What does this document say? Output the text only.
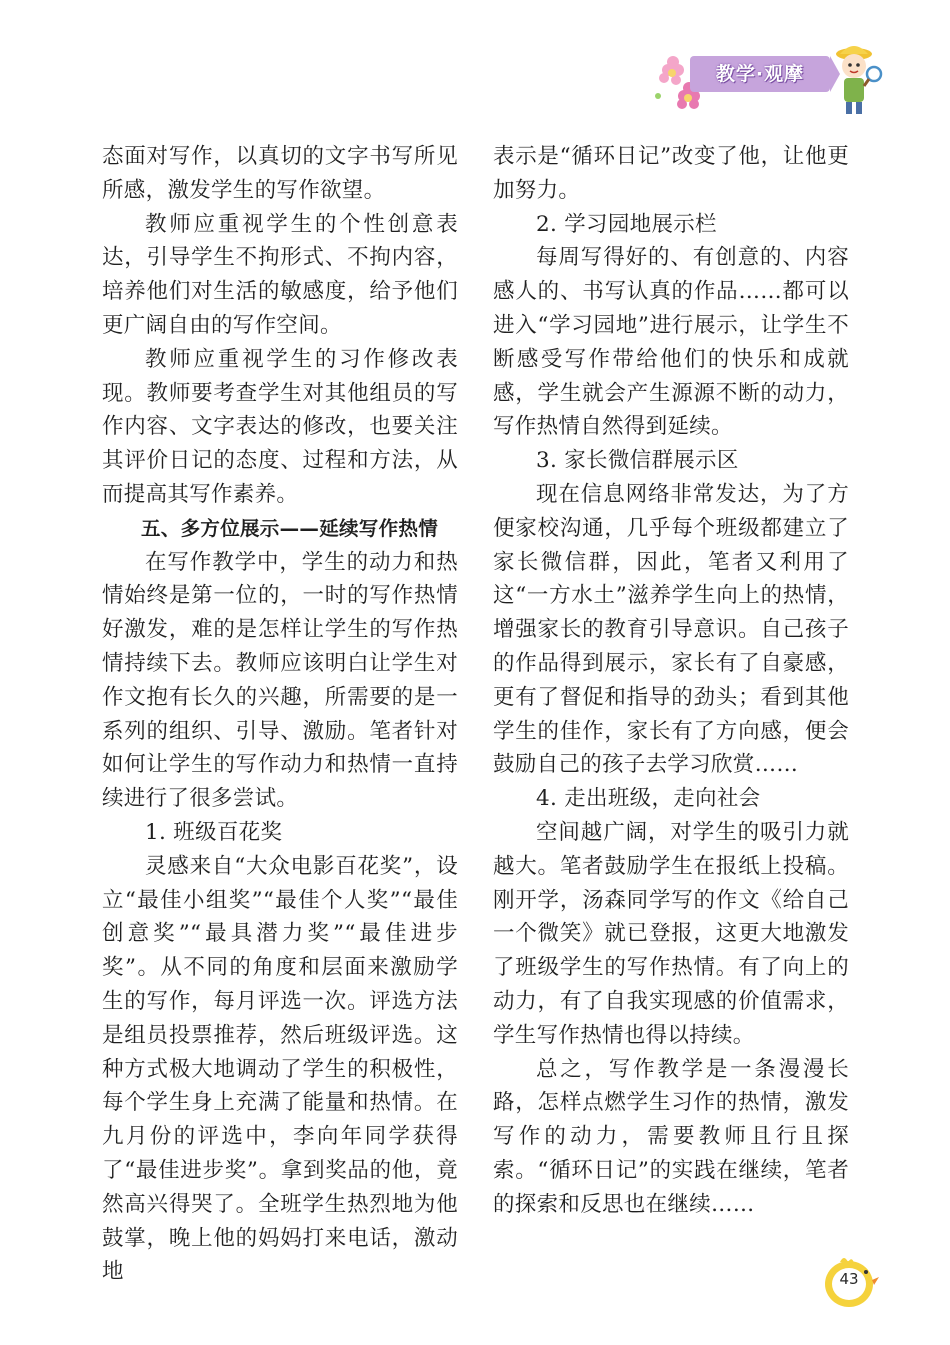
教学·观摩

态面对写作，以真切的文字书写所见所感，激发学生的写作欲望。

教师应重视学生的个性创意表达，引导学生不拘形式、不拘内容，培养他们对生活的敏感度，给予他们更广阔自由的写作空间。

教师应重视学生的习作修改表现。教师要考查学生对其他组员的写作内容、文字表达的修改，也要关注其评价日记的态度、过程和方法，从而提高其写作素养。

五、多方位展示——延续写作热情

在写作教学中，学生的动力和热情始终是第一位的，一时的写作热情好激发，难的是怎样让学生的写作热情持续下去。教师应该明白让学生对作文抱有长久的兴趣，所需要的是一系列的组织、引导、激励。笔者针对如何让学生的写作动力和热情一直持续进行了很多尝试。

1. 班级百花奖

灵感来自“大众电影百花奖”，设立“最佳小组奖”“最佳个人奖”“最佳创意奖”“最具潜力奖”“最佳进步奖”。从不同的角度和层面来激励学生的写作，每月评选一次。评选方法是组员投票推荐，然后班级评选。这种方式极大地调动了学生的积极性，每个学生身上充满了能量和热情。在九月份的评选中，李向年同学获得了“最佳进步奖”。拿到奖品的他，竟然高兴得哭了。全班学生热烈地为他鼓掌，晚上他的妈妈打来电话，激动地

表示是“循环日记”改变了他，让他更加努力。

2. 学习园地展示栏

每周写得好的、有创意的、内容感人的、书写认真的作品……都可以进入“学习园地”进行展示，让学生不断感受写作带给他们的快乐和成就感，学生就会产生源源不断的动力，写作热情自然得到延续。

3. 家长微信群展示区

现在信息网络非常发达，为了方便家校沟通，几乎每个班级都建立了家长微信群，因此，笔者又利用了这“一方水土”滋养学生向上的热情，增强家长的教育引导意识。自己孩子的作品得到展示，家长有了自豪感，更有了督促和指导的劲头；看到其他学生的佳作，家长有了方向感，便会鼓励自己的孩子去学习欣赏……

4. 走出班级，走向社会

空间越广阔，对学生的吸引力就越大。笔者鼓励学生在报纸上投稿。刚开学，汤森同学写的作文《给自己一个微笑》就已登报，这更大地激发了班级学生的写作热情。有了向上的动力，有了自我实现感的价值需求，学生写作热情也得以持续。

总之，写作教学是一条漫漫长路，怎样点燃学生习作的热情，激发写作的动力，需要教师且行且探索。“循环日记”的实践在继续，笔者的探索和反思也在继续……

43
